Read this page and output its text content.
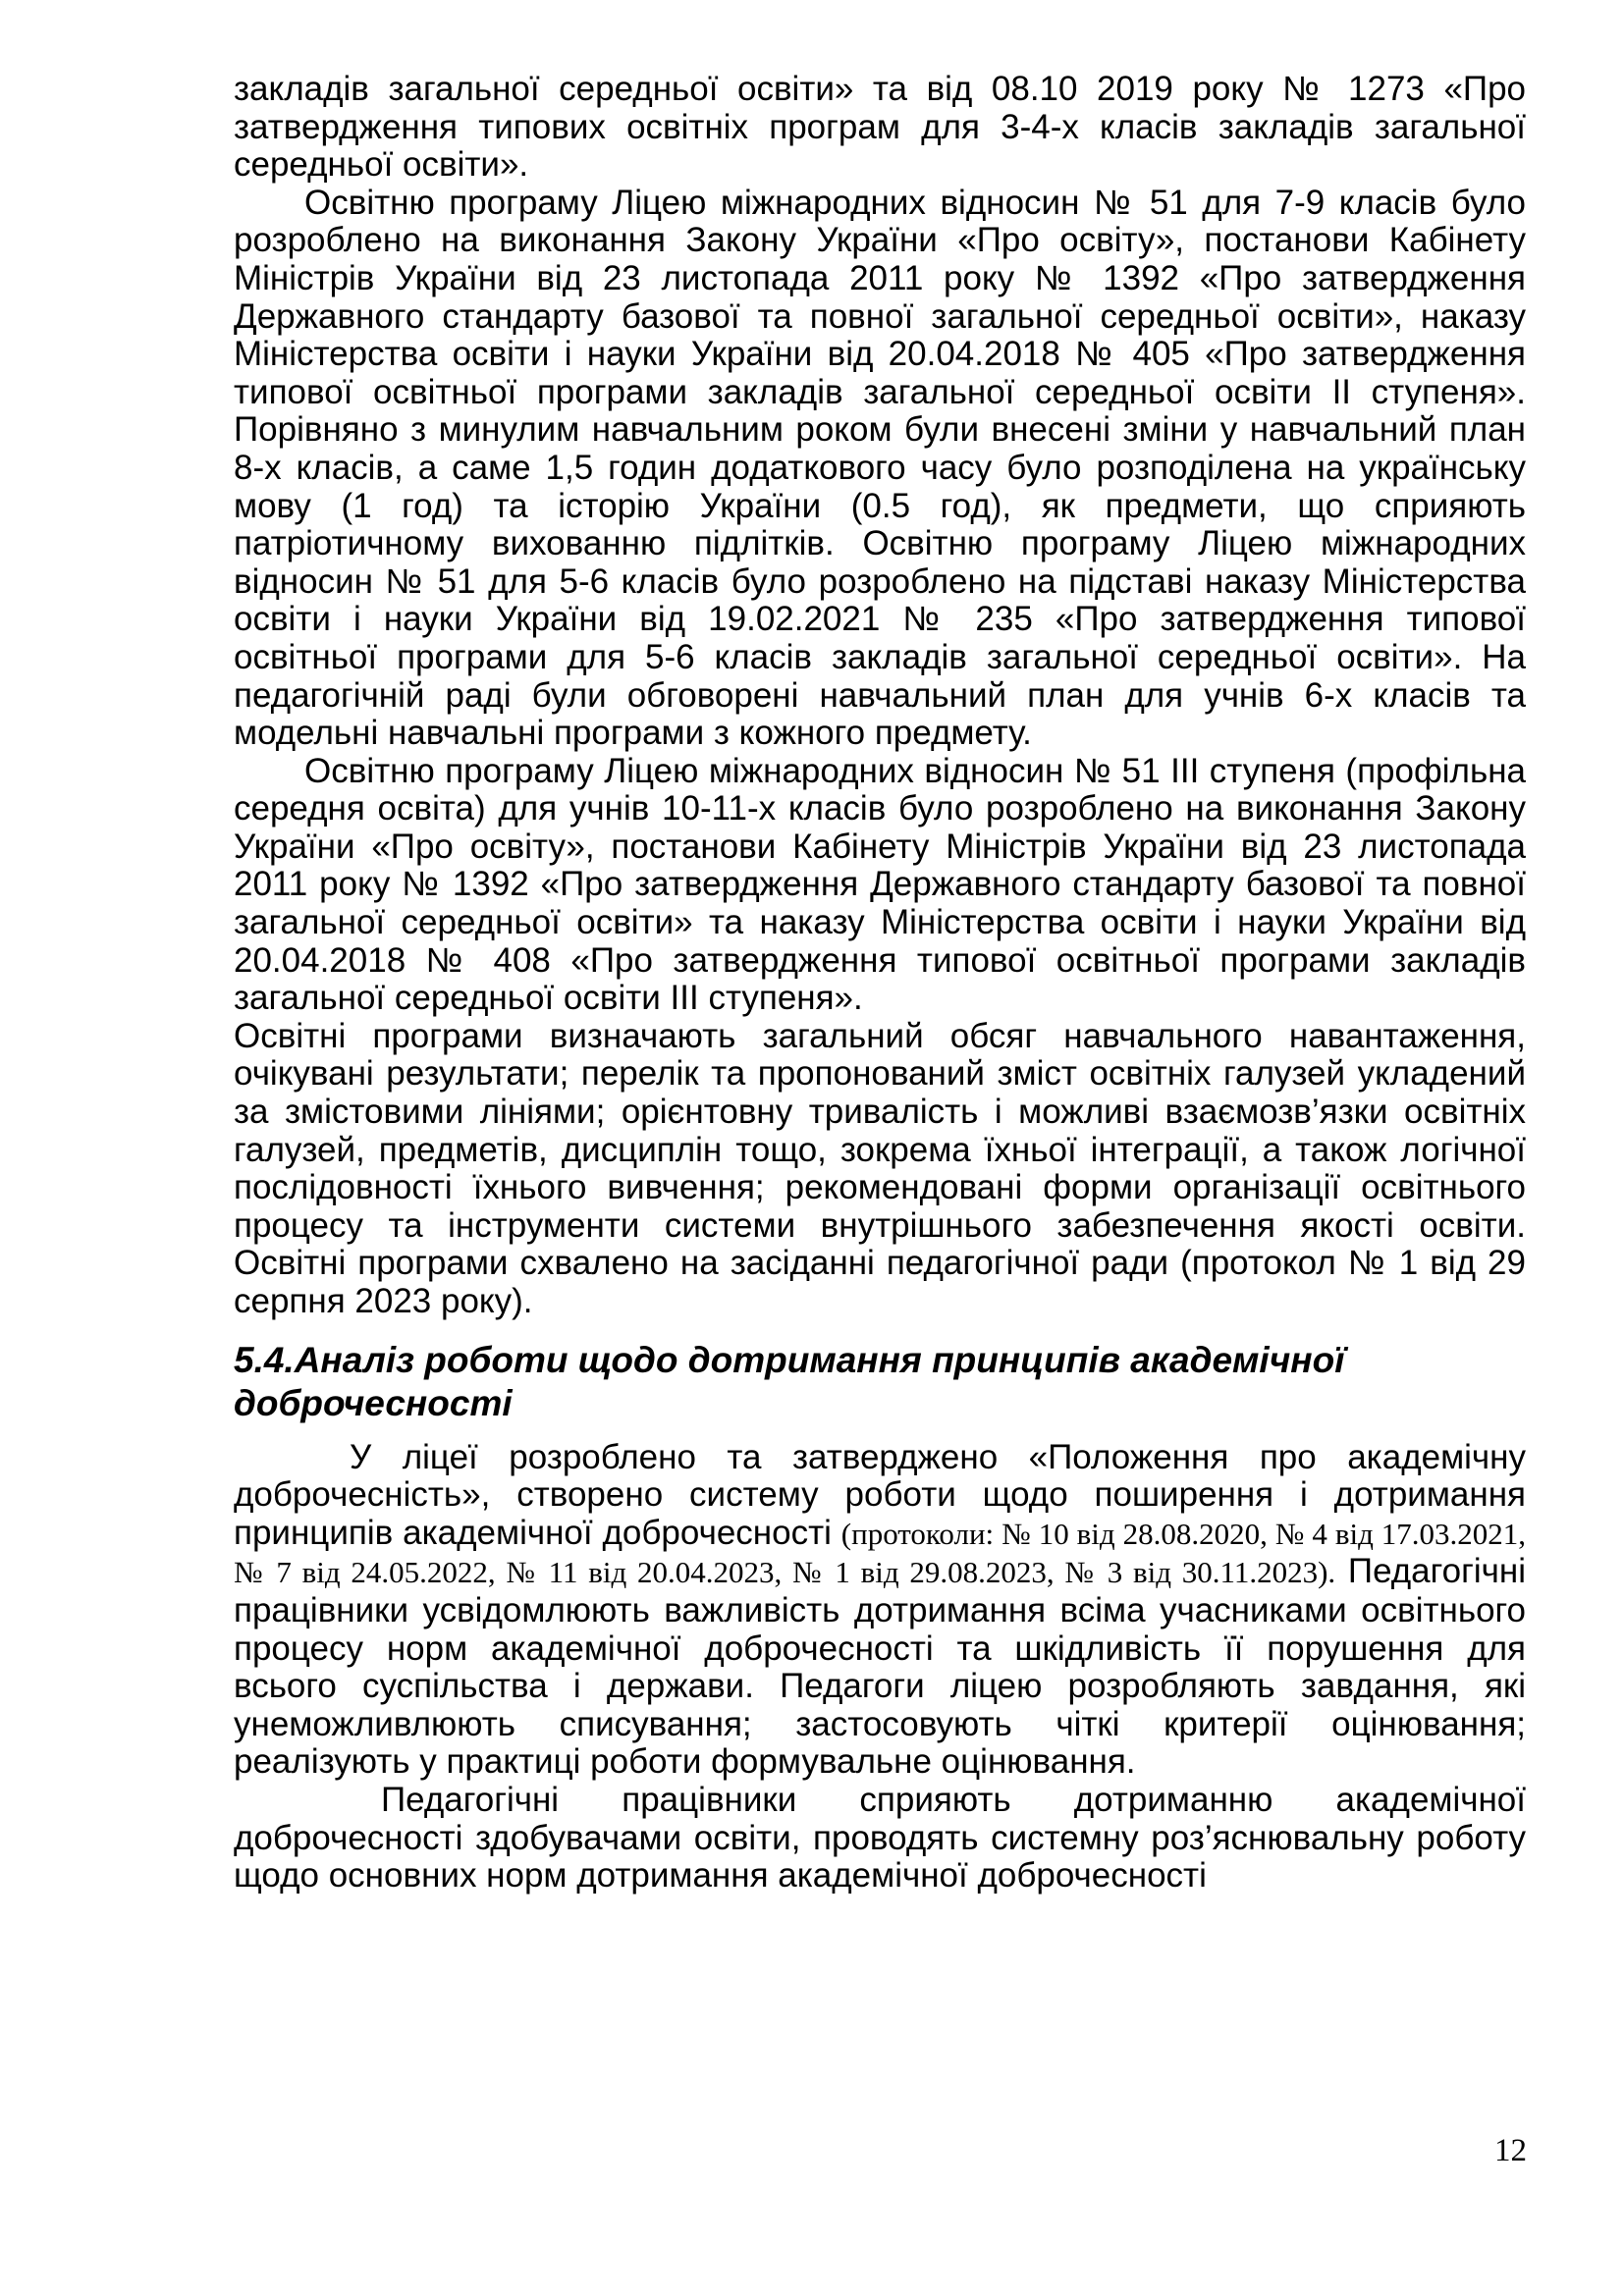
закладів загальної середньої освіти» та від 08.10 2019 року № 1273 «Про затвердження типових освітніх програм для 3-4-х класів закладів загальної середньої освіти».

Освітню програму Ліцею міжнародних відносин № 51 для 7-9 класів було розроблено на виконання Закону України «Про освіту», постанови Кабінету Міністрів України від 23 листопада 2011 року № 1392 «Про затвердження Державного стандарту базової та повної загальної середньої освіти», наказу Міністерства освіти і науки України від 20.04.2018 № 405 «Про затвердження типової освітньої програми закладів загальної середньої освіти ІІ ступеня». Порівняно з минулим навчальним роком були внесені зміни у навчальний план 8-х класів, а саме 1,5 годин додаткового часу було розподілена на українську мову (1 год) та історію України (0.5 год), як предмети, що сприяють патріотичному вихованню підлітків. Освітню програму Ліцею міжнародних відносин № 51 для 5-6 класів було розроблено на підставі наказу Міністерства освіти і науки України від 19.02.2021 № 235 «Про затвердження типової освітньої програми для 5-6 класів закладів загальної середньої освіти». На педагогічній раді були обговорені навчальний план для учнів 6-х класів та модельні навчальні програми з кожного предмету.

Освітню програму Ліцею міжнародних відносин № 51 ІІІ ступеня (профільна середня освіта) для учнів 10-11-х класів було розроблено на виконання Закону України «Про освіту», постанови Кабінету Міністрів України від 23 листопада 2011 року № 1392 «Про затвердження Державного стандарту базової та повної загальної середньої освіти» та наказу Міністерства освіти і науки України від 20.04.2018 № 408 «Про затвердження типової освітньої програми закладів загальної середньої освіти ІІІ ступеня».

Освітні програми визначають загальний обсяг навчального навантаження, очікувані результати; перелік та пропонований зміст освітніх галузей укладений за змістовими лініями; орієнтовну тривалість і можливі взаємозв’язки освітніх галузей, предметів, дисциплін тощо, зокрема їхньої інтеграції, а також логічної послідовності їхнього вивчення; рекомендовані форми організації освітнього процесу та інструменти системи внутрішнього забезпечення якості освіти. Освітні програми схвалено на засіданні педагогічної ради (протокол № 1 від 29 серпня 2023 року).

5.4.Аналіз роботи щодо дотримання принципів академічної доброчесності

У ліцеї розроблено та затверджено «Положення про академічну доброчесність», створено систему роботи щодо поширення і дотримання принципів академічної доброчесності (протоколи: № 10 від 28.08.2020, № 4 від 17.03.2021, № 7 від 24.05.2022, № 11 від 20.04.2023, № 1 від 29.08.2023, № 3 від 30.11.2023). Педагогічні працівники усвідомлюють важливість дотримання всіма учасниками освітнього процесу норм академічної доброчесності та шкідливість її порушення для всього суспільства і держави. Педагоги ліцею розробляють завдання, які унеможливлюють списування; застосовують чіткі критерії оцінювання; реалізують у практиці роботи формувальне оцінювання.

Педагогічні працівники сприяють дотриманню академічної доброчесності здобувачами освіти, проводять системну роз’яснювальну роботу щодо основних норм дотримання академічної доброчесності

12
